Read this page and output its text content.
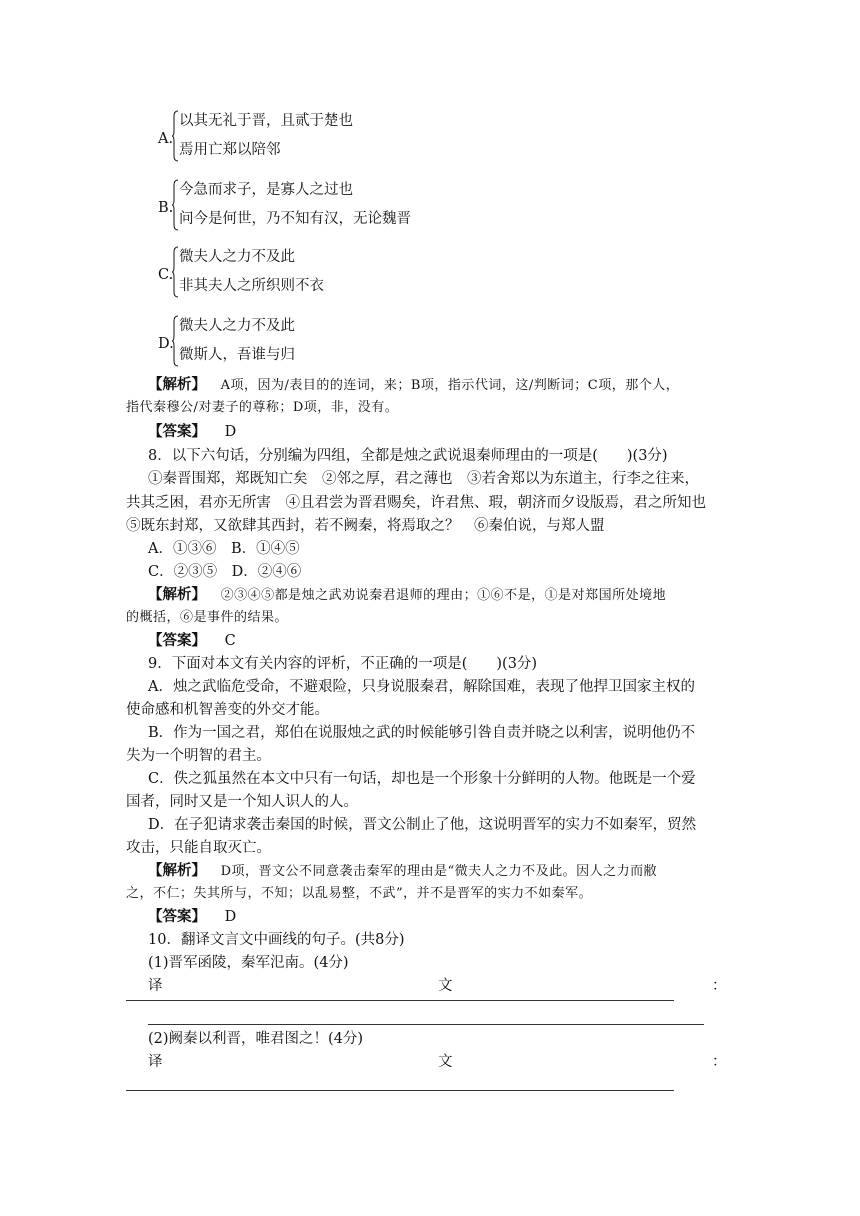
A.
以其无礼于晋，且贰于楚也
焉用亡郑以陪邻
B.
今急而求子，是寡人之过也
问今是何世，乃不知有汉，无论魏晋
C.
微夫人之力不及此
非其夫人之所织则不衣
D.
微夫人之力不及此
微斯人，吾谁与归
【解析】 A项，因为/表目的的连词，来；B项，指示代词，这/判断词；C项，那个人，
指代秦穆公/对妻子的尊称；D项，非，没有。
【答案】 D
8．以下六句话，分别编为四组，全都是烛之武说退秦师理由的一项是(　　)(3分)
①秦晋围郑，郑既知亡矣　②邻之厚，君之薄也　③若舍郑以为东道主，行李之往来，
共其乏困，君亦无所害　④且君尝为晋君赐矣，许君焦、瑕，朝济而夕设版焉，君之所知也
⑤既东封郑，又欲肆其西封，若不阙秦，将焉取之？　⑥秦伯说，与郑人盟
A．①③⑥　B．①④⑤
C．②③⑤　D．②④⑥
【解析】 ②③④⑤都是烛之武劝说秦君退师的理由；①⑥不是，①是对郑国所处境地
的概括，⑥是事件的结果。
【答案】 C
9．下面对本文有关内容的评析，不正确的一项是(　　)(3分)
A．烛之武临危受命，不避艰险，只身说服秦君，解除国难，表现了他捍卫国家主权的
使命感和机智善变的外交才能。
B．作为一国之君，郑伯在说服烛之武的时候能够引咎自责并晓之以利害，说明他仍不
失为一个明智的君主。
C．佚之狐虽然在本文中只有一句话，却也是一个形象十分鲜明的人物。他既是一个爱
国者，同时又是一个知人识人的人。
D．在子犯请求袭击秦国的时候，晋文公制止了他，这说明晋军的实力不如秦军，贸然
攻击，只能自取灭亡。
【解析】 D项，晋文公不同意袭击秦军的理由是“微夫人之力不及此。因人之力而敝
之，不仁；失其所与，不知；以乱易整，不武”，并不是晋军的实力不如秦军。
【答案】 D
10．翻译文言文中画线的句子。(共8分)
(1)晋军函陵，秦军氾南。(4分)
译	文	：
(2)阙秦以利晋，唯君图之！(4分)
译	文	：
